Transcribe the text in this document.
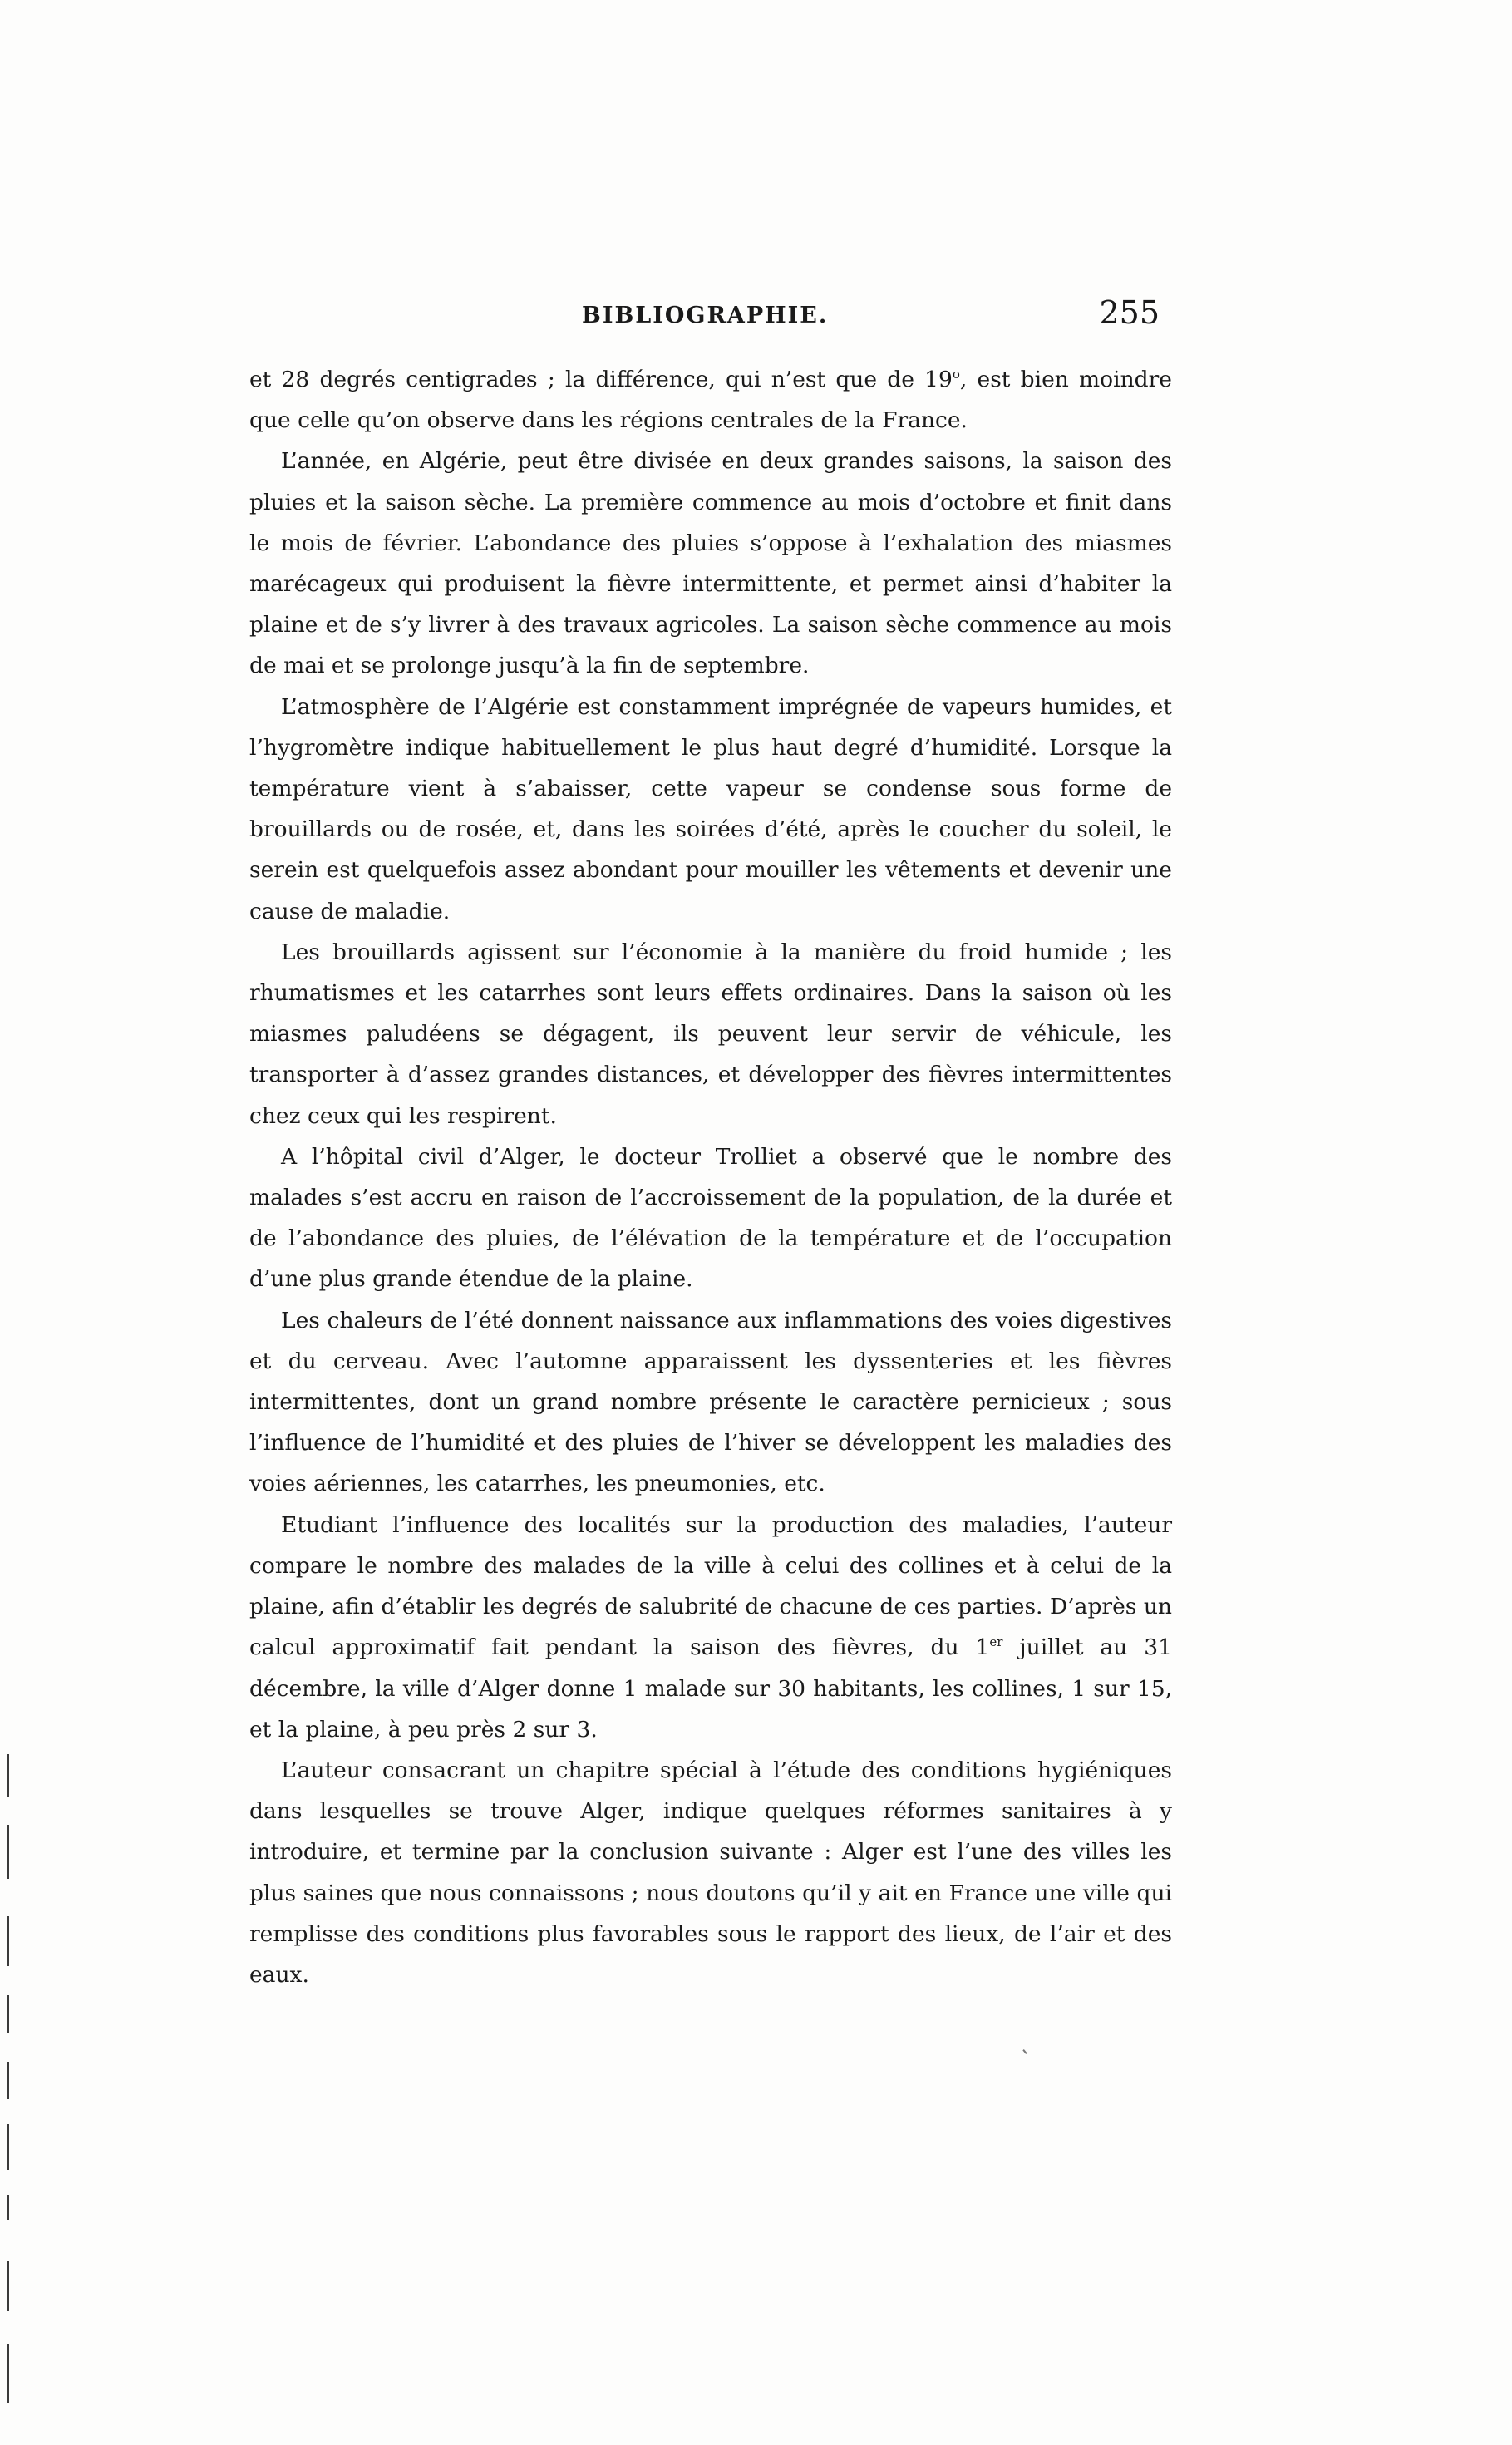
BIBLIOGRAPHIE.	255

et 28 degrés centigrades ; la différence, qui n’est que de 19$^o$, est bien moindre que celle qu’on observe dans les régions centrales de la France.

L’année, en Algérie, peut être divisée en deux grandes saisons, la saison des pluies et la saison sèche. La première commence au mois d’octobre et finit dans le mois de février. L’abondance des pluies s’oppose à l’exhalation des miasmes marécageux qui produisent la fièvre intermittente, et permet ainsi d’habiter la plaine et de s’y livrer à des travaux agricoles. La saison sèche commence au mois de mai et se prolonge jusqu’à la fin de septembre.

L’atmosphère de l’Algérie est constamment imprégnée de vapeurs humides, et l’hygromètre indique habituellement le plus haut degré d’humidité. Lorsque la température vient à s’abaisser, cette vapeur se condense sous forme de brouillards ou de rosée, et, dans les soirées d’été, après le coucher du soleil, le serein est quelquefois assez abondant pour mouiller les vêtements et devenir une cause de maladie.

Les brouillards agissent sur l’économie à la manière du froid humide ; les rhumatismes et les catarrhes sont leurs effets ordinaires. Dans la saison où les miasmes paludéens se dégagent, ils peuvent leur servir de véhicule, les transporter à d’assez grandes distances, et développer des fièvres intermittentes chez ceux qui les respirent.

A l’hôpital civil d’Alger, le docteur Trolliet a observé que le nombre des malades s’est accru en raison de l’accroissement de la population, de la durée et de l’abondance des pluies, de l’élévation de la température et de l’occupation d’une plus grande étendue de la plaine.

Les chaleurs de l’été donnent naissance aux inflammations des voies digestives et du cerveau. Avec l’automne apparaissent les dyssenteries et les fièvres intermittentes, dont un grand nombre présente le caractère pernicieux ; sous l’influence de l’humidité et des pluies de l’hiver se développent les maladies des voies aériennes, les catarrhes, les pneumonies, etc.

Etudiant l’influence des localités sur la production des maladies, l’auteur compare le nombre des malades de la ville à celui des collines et à celui de la plaine, afin d’établir les degrés de salubrité de chacune de ces parties. D’après un calcul approximatif fait pendant la saison des fièvres, du 1er juillet au 31 décembre, la ville d’Alger donne 1 malade sur 30 habitants, les collines, 1 sur 15, et la plaine, à peu près 2 sur 3.

L’auteur consacrant un chapitre spécial à l’étude des conditions hygiéniques dans lesquelles se trouve Alger, indique quelques réformes sanitaires à y introduire, et termine par la conclusion suivante : Alger est l’une des villes les plus saines que nous connaissons ; nous doutons qu’il y ait en France une ville qui remplisse des conditions plus favorables sous le rapport des lieux, de l’air et des eaux.
